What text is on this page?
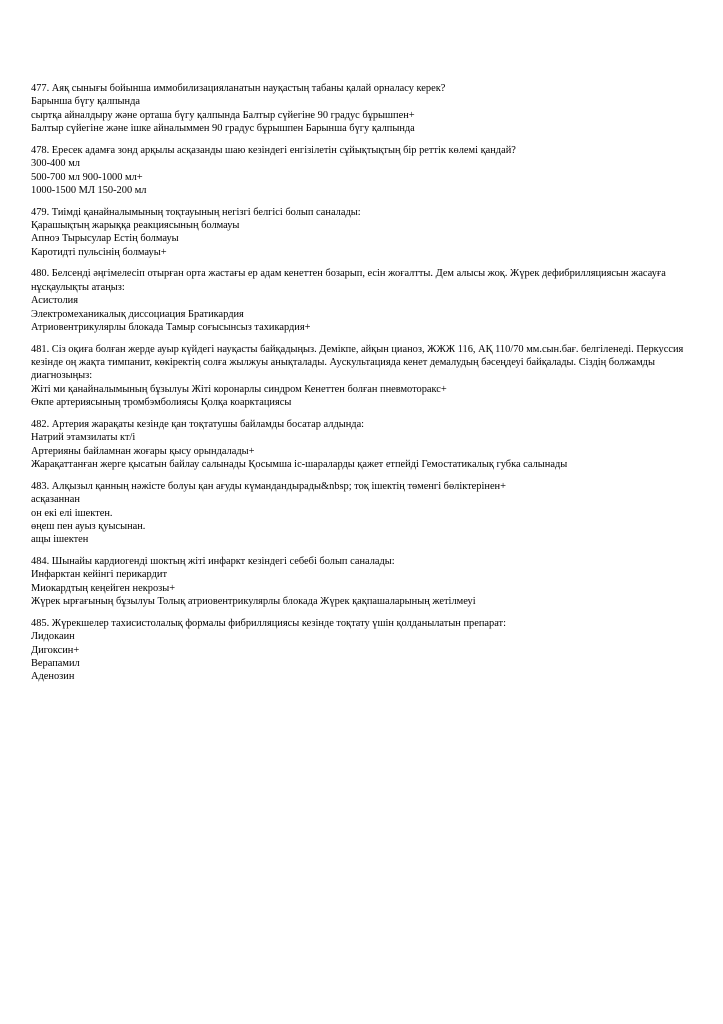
477. Аяқ сынығы бойынша иммобилизацияланатын науқастың табаны қалай орналасу керек?
Барынша бүгу қалпында
сыртқа айналдыру және орташа бүгу қалпында Балтыр сүйегіне 90 градус бұрышпен+
Балтыр сүйегіне және ішке айналыммен 90 градус бұрышпен Барынша бүгу қалпында
478. Ересек адамға зонд арқылы асқазанды шаю кезіндегі енгізілетін сұйықтықтың бір реттік көлемі қандай?
300-400 мл
500-700 мл 900-1000 мл+
1000-1500 МЛ 150-200 мл
479. Тиімді қанайналымының тоқтауының негізгі белгісі болып саналады:
Қарашықтың жарыққа реакциясының болмауы
Апноэ Тырысулар Естің болмауы
Каротидті пульсінің болмауы+
480. Белсенді әңгімелесіп отырған орта жастағы ер адам кенеттен бозарып, есін жоғалтты. Дем алысы жоқ. Жүрек дефибрилляциясын жасауға нұсқаулықты атаңыз:
Асистолия
Электромеханикалық диссоциация Братикардия
Атриовентрикулярлы блокада Тамыр соғысынсыз тахикардия+
481. Сіз оқиға болған жерде ауыр күйдегі науқасты байқадыңыз. Демікпе, айқын цианоз, ЖЖЖ 116, АҚ 110/70 мм.сын.бағ. белгіленеді. Перкуссия кезінде оң жақта тимпанит, көкіректің солға жылжуы анықталады. Аускультацияда кенет демалудың бәсеңдеуі байқалады. Сіздің болжамды диагнозыңыз:
Жіті ми қанайналымының бұзылуы Жіті коронарлы синдром Кенеттен болған пневмоторакс+
Өкпе артериясының тромбэмболиясы Қолқа коарктациясы
482. Артерия жарақаты кезінде қан тоқтатушы байламды босатар алдында:
Натрий этамзилаты кт/і
Артерияны байламнан жоғары қысу орындалады+
Жарақаттанған жерге қысатын байлау салынады Қосымша іс-шараларды қажет етпейді Гемостатикалық губка салынады
483. Алқызыл қанның нәжісте болуы қан ағуды күмандандырады&nbsp; тоқ ішектің төменгі бөліктерінен+
асқазаннан
он екі елі ішектен.
өңеш пен ауыз қуысынан.
ащы ішектен
484. Шынайы кардиогенді шоктың жіті инфаркт кезіндегі себебі болып саналады:
Инфарктан кейінгі перикардит
Миокардтың кеңейген некрозы+
Жүрек ырғағының бұзылуы Толық атриовентрикулярлы блокада Жүрек қақпашаларының жетілмеуі
485. Жүрекшелер тахисистолалық формалы фибрилляциясы кезінде тоқтату үшін қолданылатын препарат:
Лидокаин
Дигоксин+
Верапамил
Аденозин
